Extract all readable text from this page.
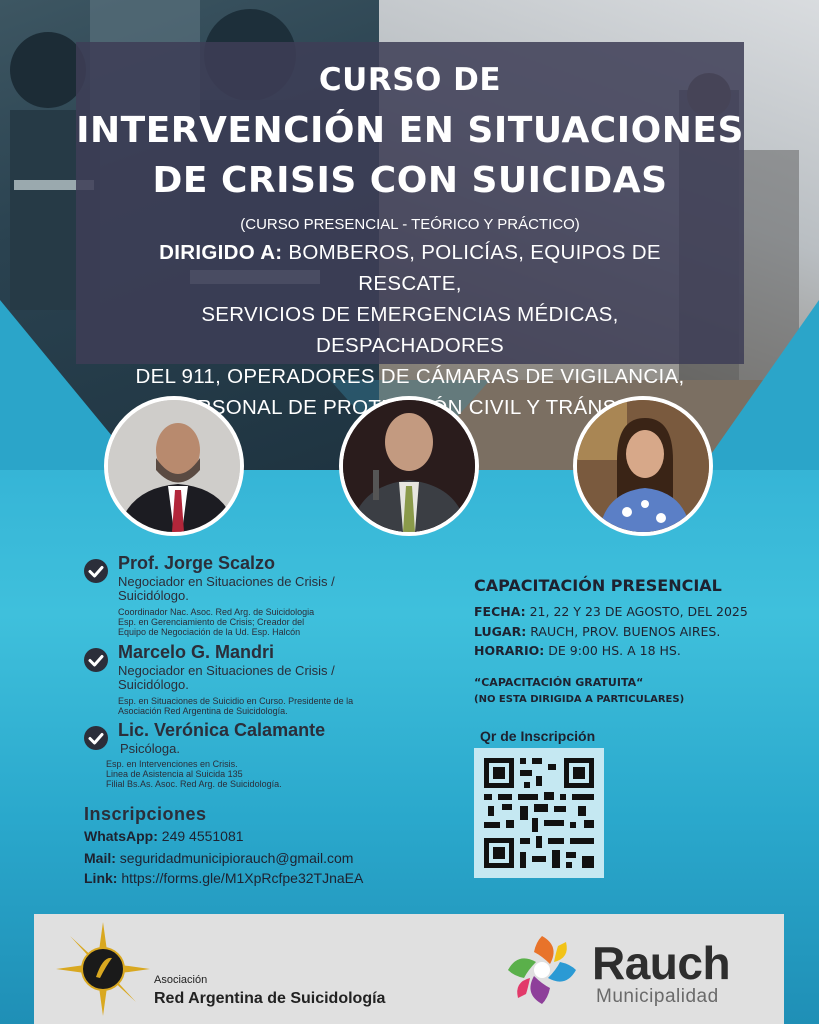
CURSO DE
INTERVENCIÓN EN SITUACIONES
DE CRISIS CON SUICIDAS
(CURSO PRESENCIAL - TEÓRICO Y PRÁCTICO)
DIRIGIDO A: BOMBEROS, POLICÍAS, EQUIPOS DE RESCATE,
SERVICIOS DE EMERGENCIAS MÉDICAS, DESPACHADORES
DEL 911, OPERADORES DE CÁMARAS DE VIGILANCIA,
PERSONAL DE CIVIL Y TRÁNSITO
Prof. Jorge Scalzo
Negociador en Situaciones de Crisis /
Suicidólogo.
Coordinador Nac. Asoc. Red Arg. de Suicidologia
Esp. en Gerenciamiento de Crisis; Creador del
Equipo de Negociación de la Ud. Esp. Halcón
Marcelo G. Mandri
Negociador en Situaciones de Crisis /
Suicidólogo.
Esp. en Situaciones de Suicidio en Curso. Presidente de la
Asociación Red Argentina de Suicidología.
Lic. Verónica Calamante
Psicóloga.
Esp. en Intervenciones en Crisis.
Linea de Asistencia al Suicida 135
Filial Bs.As. Asoc. Red Arg. de Suicidología.
Inscripciones
WhatsApp: 249 4551081
Mail: seguridadmunicipiorauch@gmail.com
Link: https://forms.gle/M1XpRcfpe32TJnaEA
CAPACITACIÓN PRESENCIAL
FECHA: 21, 22 Y 23 DE AGOSTO, DEL 2025
LUGAR: RAUCH, PROV. BUENOS AIRES.
HORARIO: DE 9:00 HS. A 18 HS.
“CAPACITACIÓN GRATUITA“
(NO ESTA DIRIGIDA A PARTICULARES)
Qr de Inscripción
Asociación
Red Argentina de Suicidología
Rauch
Municipalidad
